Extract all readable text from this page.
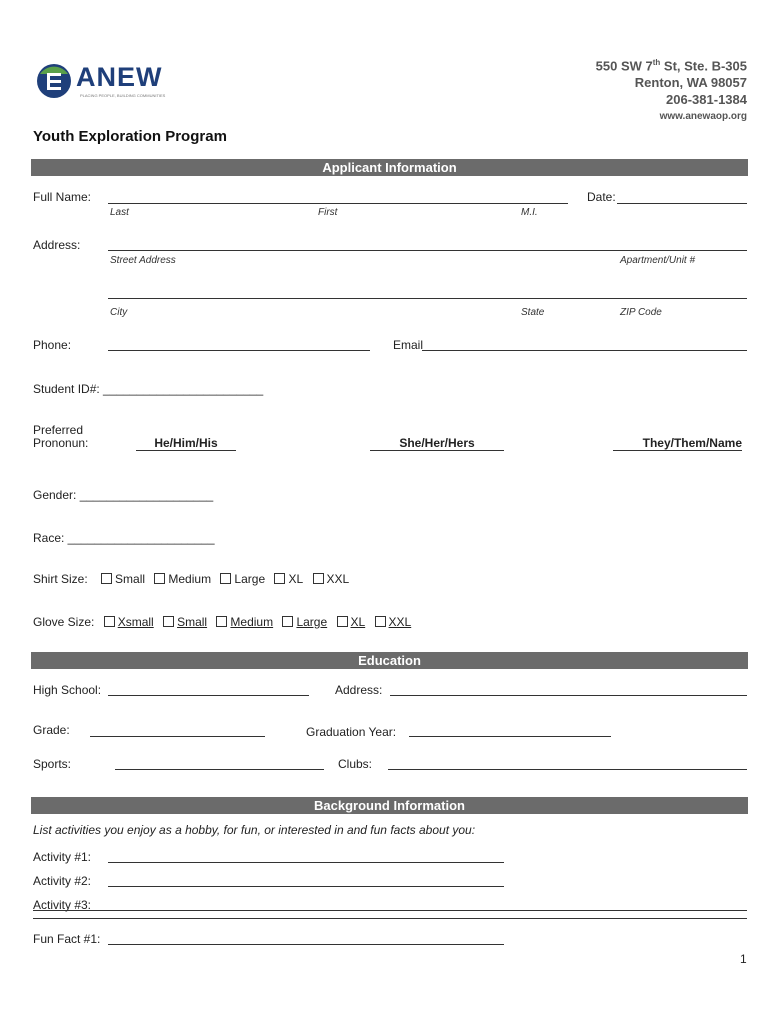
ANEW
PLACING PEOPLE, BUILDING COMMUNITIES
550 SW 7th St, Ste. B-305
Renton, WA 98057
206-381-1384
www.anewaop.org
Youth Exploration Program
Applicant Information
Full Name:
Last	First	M.I.
Date:
Address:
Street Address	Apartment/Unit #
City	State	ZIP Code
Phone:	Email
Student ID#: ________________________
Preferred
Prononun:	He/Him/His	She/Her/Hers	They/Them/Name
Gender: ____________________
Race: ______________________
Shirt Size: Small Medium Large XL XXL
Glove Size: Xsmall Small Medium Large XL XXL
Education
High School:	Address:
Grade:	Graduation Year:
Sports:	Clubs:
Background Information
List activities you enjoy as a hobby, for fun, or interested in and fun facts about you:
Activity #1:
Activity #2:
Activity #3:
Fun Fact #1:
1
